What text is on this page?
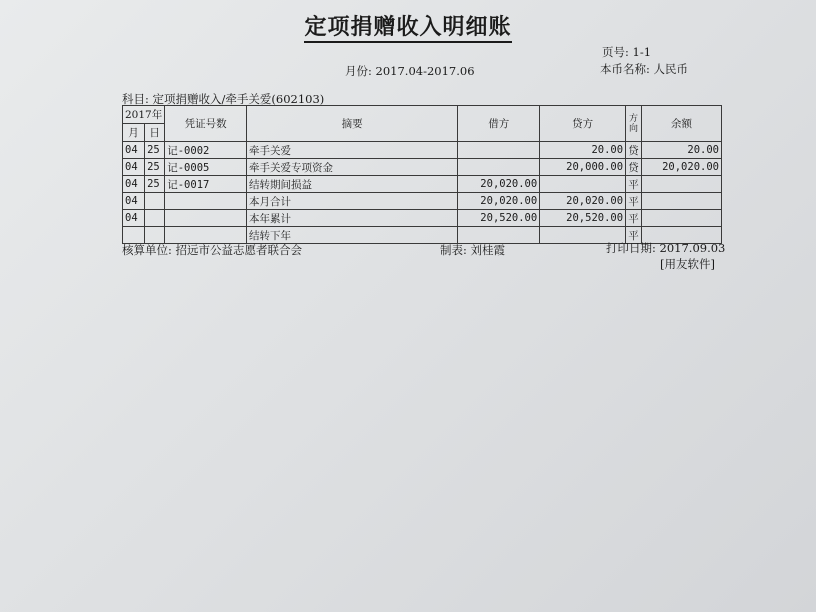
定项捐赠收入明细账
页号: 1-1
月份: 2017.04-2017.06	本币名称: 人民币
科目: 定项捐赠收入/牵手关爱(602103)
2017年		凭证号数	摘要	借方	贷方	方向	余额
月	日						
04	25	记-0002	牵手关爱		20.00	贷	20.00
04	25	记-0005	牵手关爱专项资金		20,000.00	贷	20,020.00
04	25	记-0017	结转期间损益	20,020.00		平	
04			本月合计	20,020.00	20,020.00	平	
04			本年累计	20,520.00	20,520.00	平	
			结转下年			平	
核算单位: 招远市公益志愿者联合会	制表: 刘桂霞	打印日期: 2017.09.03
[用友软件]
